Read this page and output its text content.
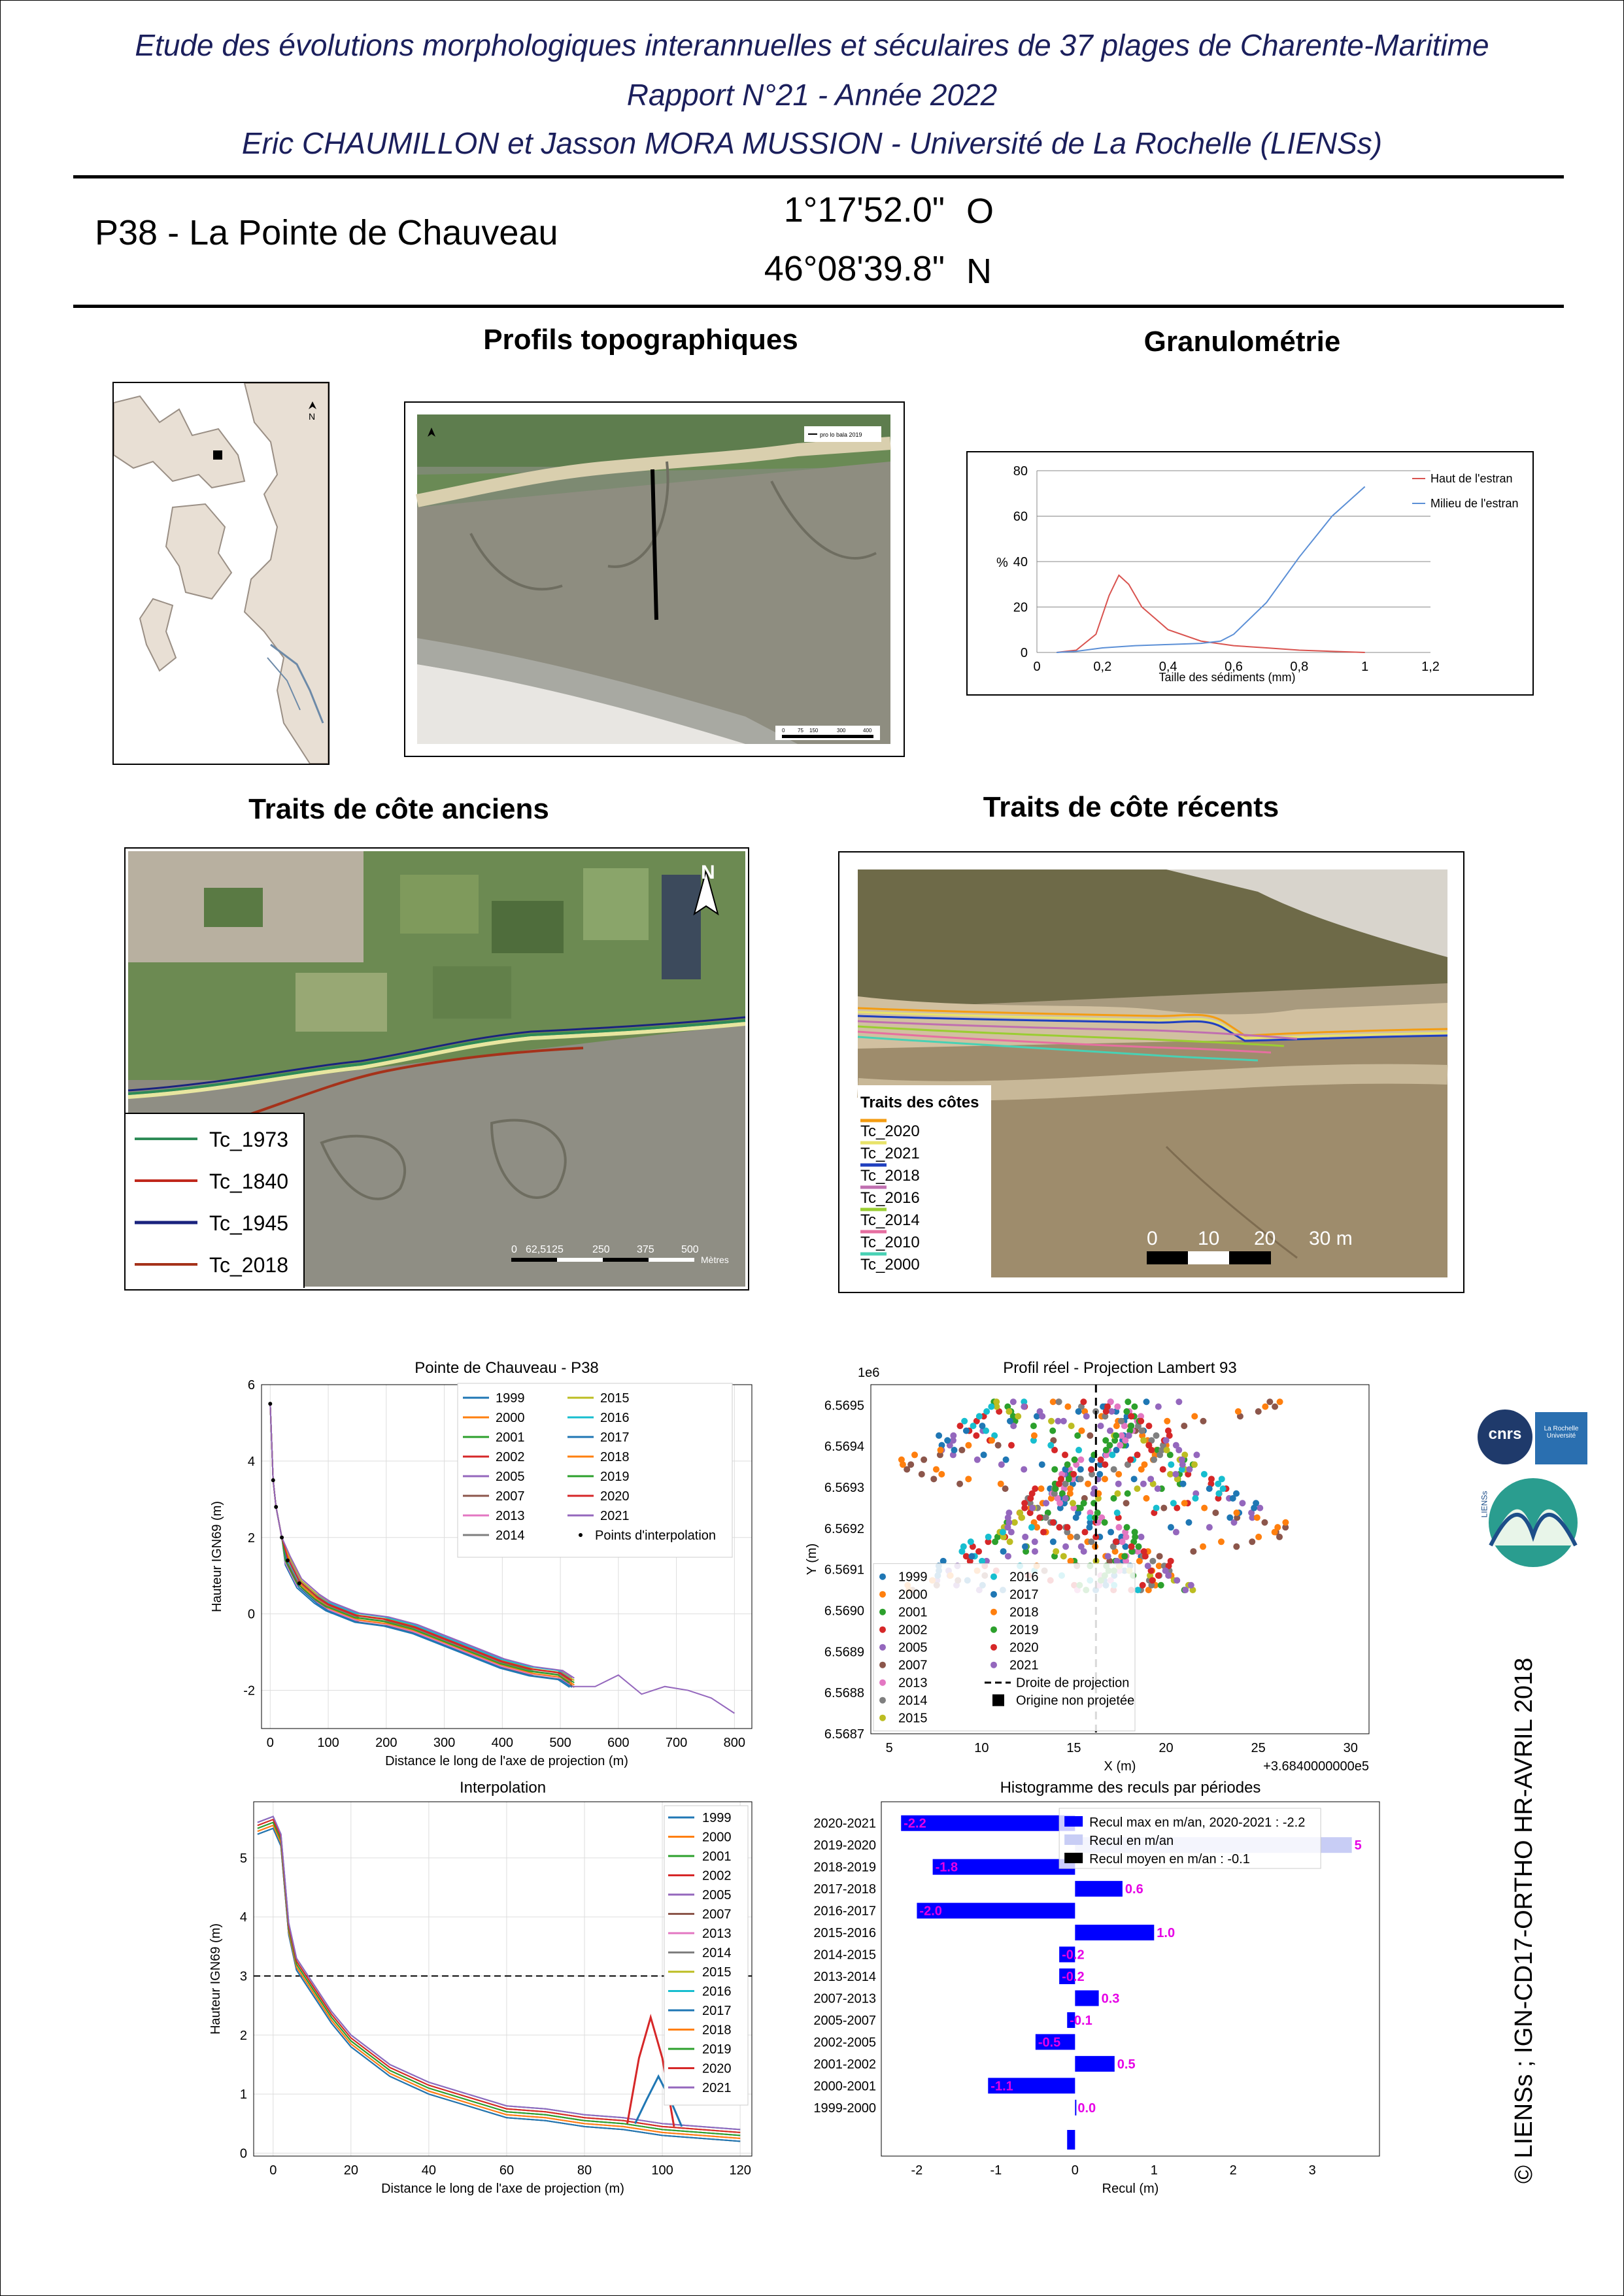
Etude des évolutions morphologiques interannuelles et séculaires de 37 plages de Charente-Maritime
Rapport N°21 - Année 2022
Eric CHAUMILLON et Jasson MORA MUSSION - Université de La Rochelle (LIENSs)
P38 - La Pointe de Chauveau
1°17'52.0" O
46°08'39.8" N
Profils topographiques	Granulométrie
Traits de côte anciens	Traits de côte récents
N
pro lo bala 2019
0 75 150	300	400
0
20
40
60
80
0	0,2	0,4	0,6	0,8	1	1,2
Taille des sédiments (mm)
%
Haut de l'estran
Milieu de l'estran
N
0 62,5125	250	375	500
Mètres
Tc_1973
Tc_1840
Tc_1945
Tc_2018
0 10 20 30 m
Traits des côtes
Tc_2020
Tc_2021
Tc_2018
Tc_2016
Tc_2014
Tc_2010
Tc_2000
Pointe de Chauveau - P38
0	100	200	300	400	500	600	700	800
-2
0
2
4
6
Distance le long de l'axe de projection (m)
Hauteur IGN69 (m)
1999
2000
2001
2002
2005
2007
2013
2014
2015
2016
2017
2018
2019
2020
2021
Points d'interpolation
Profil réel - Projection Lambert 93
1e6
5	10	15	20	25	30
6.5687
6.5688
6.5689
6.5690
6.5691
6.5692
6.5693
6.5694
6.5695
X (m)	+3.6840000000e5
Y (m)
1999
2000
2001
2002
2005
2007
2013
2014
2015
2016
2017
2018
2019
2020
2021
Droite de projection
Origine non projetée
Interpolation
0	20	40	60	80	100	120
0
1
2
3
4
5
Distance le long de l'axe de projection (m)
Hauteur IGN69 (m)
1999
2000
2001
2002
2005
2007
2013
2014
2015
2016
2017
2018
2019
2020
2021
Histogramme des reculs par périodes
-2	-1	0	1	2	3
Recul (m)
2020-2021 -2.2
2019-2020	5
2018-2019	-1.8
2017-2018	0.6
2016-2017	-2.0
2015-2016	1.0
2014-2015	-0.2
2013-2014	-0.2
2007-2013	0.3
2005-2007	-0.1
2002-2005	-0.5
2001-2002	0.5
2000-2001	-1.1
1999-2000	0.0
Recul max en m/an, 2020-2021 : -2.2
Recul en m/an
Recul moyen en m/an : -0.1
cnrs	La Rochelle Université
LIENSs
© LIENSs ; IGN-CD17-ORTHO HR-AVRIL 2018
